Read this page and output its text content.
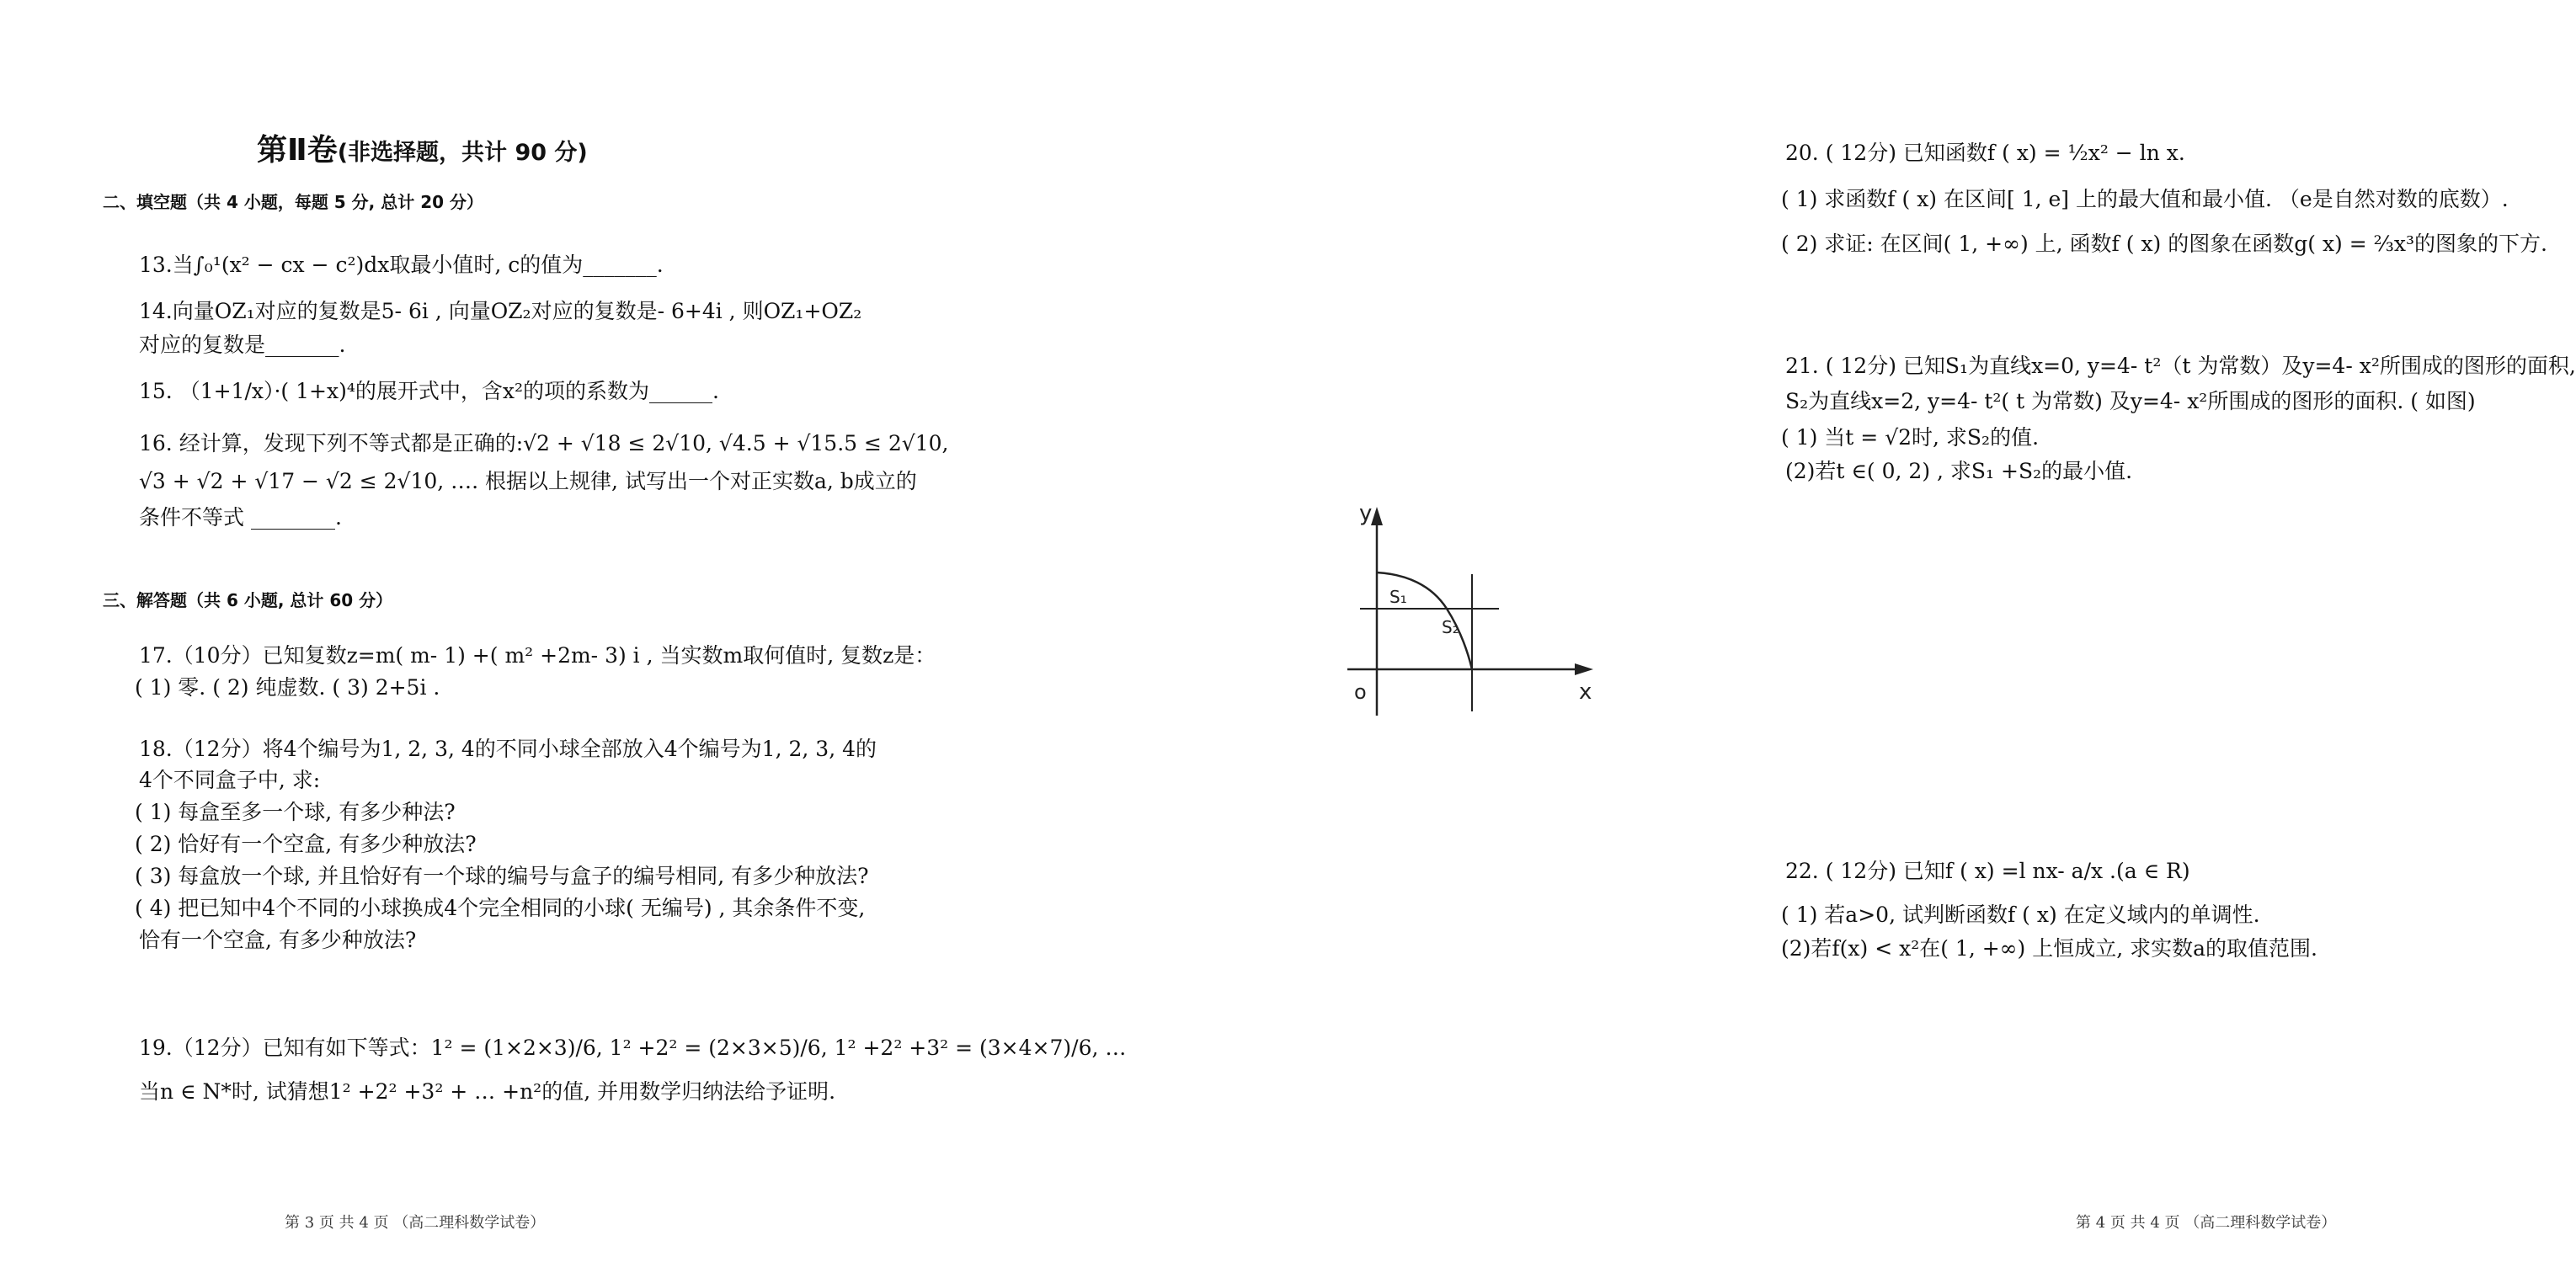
第Ⅱ卷(非选择题，共计 90 分)
二、填空题（共 4 小题，每题 5 分, 总计 20 分）
13.当∫₀¹(x² − cx − c²)dx取最小值时, c的值为_______.
14.向量OZ₁对应的复数是5- 6i , 向量OZ₂对应的复数是- 6+4i , 则OZ₁+OZ₂
对应的复数是_______.
15. （1+1/x）·( 1+x)⁴的展开式中，含x²的项的系数为______.
16. 经计算，发现下列不等式都是正确的:√2 + √18 ≤ 2√10, √4.5 + √15.5 ≤ 2√10,
√3 + √2 + √17 − √2 ≤ 2√10, …. 根据以上规律, 试写出一个对正实数a, b成立的
条件不等式 ________.
三、解答题（共 6 小题, 总计 60 分）
17.（10分）已知复数z=m( m- 1) +( m² +2m- 3) i , 当实数m取何值时, 复数z是：
( 1) 零. ( 2) 纯虚数. ( 3) 2+5i .
18.（12分）将4个编号为1, 2, 3, 4的不同小球全部放入4个编号为1, 2, 3, 4的
4个不同盒子中, 求:
( 1) 每盒至多一个球, 有多少种法?
( 2) 恰好有一个空盒, 有多少种放法?
( 3) 每盒放一个球, 并且恰好有一个球的编号与盒子的编号相同, 有多少种放法?
( 4) 把已知中4个不同的小球换成4个完全相同的小球( 无编号) , 其余条件不变,
恰有一个空盒, 有多少种放法?
19.（12分）已知有如下等式：1² = (1×2×3)/6, 1² +2² = (2×3×5)/6, 1² +2² +3² = (3×4×7)/6, …
当n ∈ N*时, 试猜想1² +2² +3² + … +n²的值, 并用数学归纳法给予证明.
第 3 页 共 4 页 （高二理科数学试卷）
20. ( 12分) 已知函数f ( x) = ½x² − ln x.
( 1) 求函数f ( x) 在区间[ 1, e] 上的最大值和最小值. （e是自然对数的底数）.
( 2) 求证: 在区间( 1, +∞) 上, 函数f ( x) 的图象在函数g( x) = ⅔x³的图象的下方.
21. ( 12分) 已知S₁为直线x=0, y=4- t²（t 为常数）及y=4- x²所围成的图形的面积,
S₂为直线x=2, y=4- t²( t 为常数) 及y=4- x²所围成的图形的面积. ( 如图)
( 1) 当t = √2时, 求S₂的值.
(2)若t ∈( 0, 2) , 求S₁ +S₂的最小值.
22. ( 12分) 已知f ( x) =l nx- a/x .(a ∈ R)
( 1) 若a>0, 试判断函数f ( x) 在定义域内的单调性.
(2)若f(x) < x²在( 1, +∞) 上恒成立, 求实数a的取值范围.
第 4 页 共 4 页 （高二理科数学试卷）
y
x
o
S₁
S₂
